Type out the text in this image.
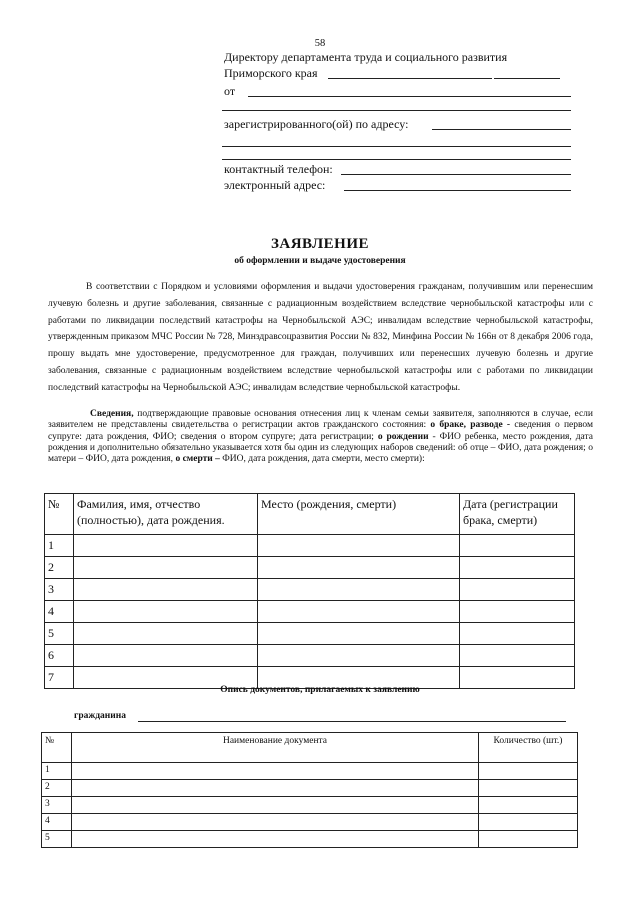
58
Директору департамента труда и социального развития
Приморского края
от
зарегистрированного(ой) по адресу:
контактный телефон:
электронный адрес:
ЗАЯВЛЕНИЕ
об оформлении и выдаче удостоверения
В соответствии с Порядком и условиями оформления и выдачи удостоверения гражданам, получившим или перенесшим лучевую болезнь и другие заболевания, связанные с радиационным воздействием вследствие чернобыльской катастрофы или с работами по ликвидации последствий катастрофы на Чернобыльской АЭС; инвалидам вследствие чернобыльской катастрофы, утвержденным приказом МЧС России № 728, Минздравсоцразвития России № 832, Минфина России № 166н от 8 декабря 2006 года, прошу выдать мне удостоверение, предусмотренное для граждан, получивших или перенесших лучевую болезнь и другие заболевания, связанные с радиационным воздействием вследствие чернобыльской катастрофы или с работами по ликвидации последствий катастрофы на Чернобыльской АЭС; инвалидам вследствие чернобыльской катастрофы.
Сведения, подтверждающие правовые основания отнесения лиц к членам семьи заявителя, заполняются в случае, если заявителем не представлены свидетельства о регистрации актов гражданского состояния: о браке, разводе - сведения о первом супруге: дата рождения, ФИО; сведения о втором супруге; дата регистрации; о рождении - ФИО ребенка, место рождения, дата рождения и дополнительно обязательно указывается хотя бы один из следующих наборов сведений: об отце – ФИО, дата рождения; о матери – ФИО, дата рождения, о смерти – ФИО, дата рождения, дата смерти, место смерти):
№	Фамилия, имя, отчество (полностью), дата рождения.	Место (рождения, смерти)	Дата (регистрации брака, смерти)
1			
2			
3			
4			
5			
6			
7			
Опись документов, прилагаемых к заявлению
гражданина
№	Наименование документа	Количество (шт.)
1		
2		
3		
4		
5		
